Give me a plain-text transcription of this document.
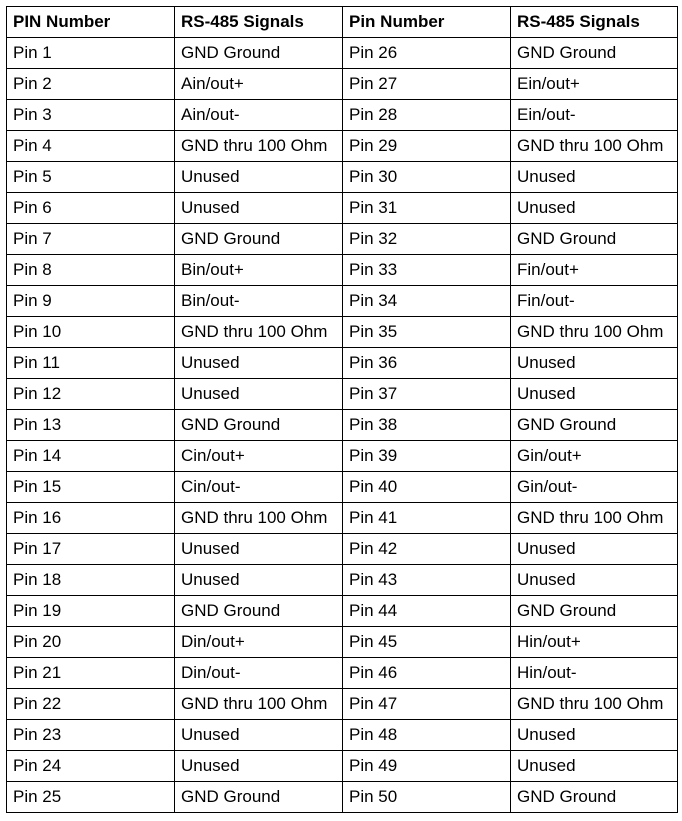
PIN Number	RS-485 Signals	Pin Number	RS-485 Signals
Pin 1	GND Ground	Pin 26	GND Ground
Pin 2	Ain/out+	Pin 27	Ein/out+
Pin 3	Ain/out-	Pin 28	Ein/out-
Pin 4	GND thru 100 Ohm	Pin 29	GND thru 100 Ohm
Pin 5	Unused	Pin 30	Unused
Pin 6	Unused	Pin 31	Unused
Pin 7	GND Ground	Pin 32	GND Ground
Pin 8	Bin/out+	Pin 33	Fin/out+
Pin 9	Bin/out-	Pin 34	Fin/out-
Pin 10	GND thru 100 Ohm	Pin 35	GND thru 100 Ohm
Pin 11	Unused	Pin 36	Unused
Pin 12	Unused	Pin 37	Unused
Pin 13	GND Ground	Pin 38	GND Ground
Pin 14	Cin/out+	Pin 39	Gin/out+
Pin 15	Cin/out-	Pin 40	Gin/out-
Pin 16	GND thru 100 Ohm	Pin 41	GND thru 100 Ohm
Pin 17	Unused	Pin 42	Unused
Pin 18	Unused	Pin 43	Unused
Pin 19	GND Ground	Pin 44	GND Ground
Pin 20	Din/out+	Pin 45	Hin/out+
Pin 21	Din/out-	Pin 46	Hin/out-
Pin 22	GND thru 100 Ohm	Pin 47	GND thru 100 Ohm
Pin 23	Unused	Pin 48	Unused
Pin 24	Unused	Pin 49	Unused
Pin 25	GND Ground	Pin 50	GND Ground
